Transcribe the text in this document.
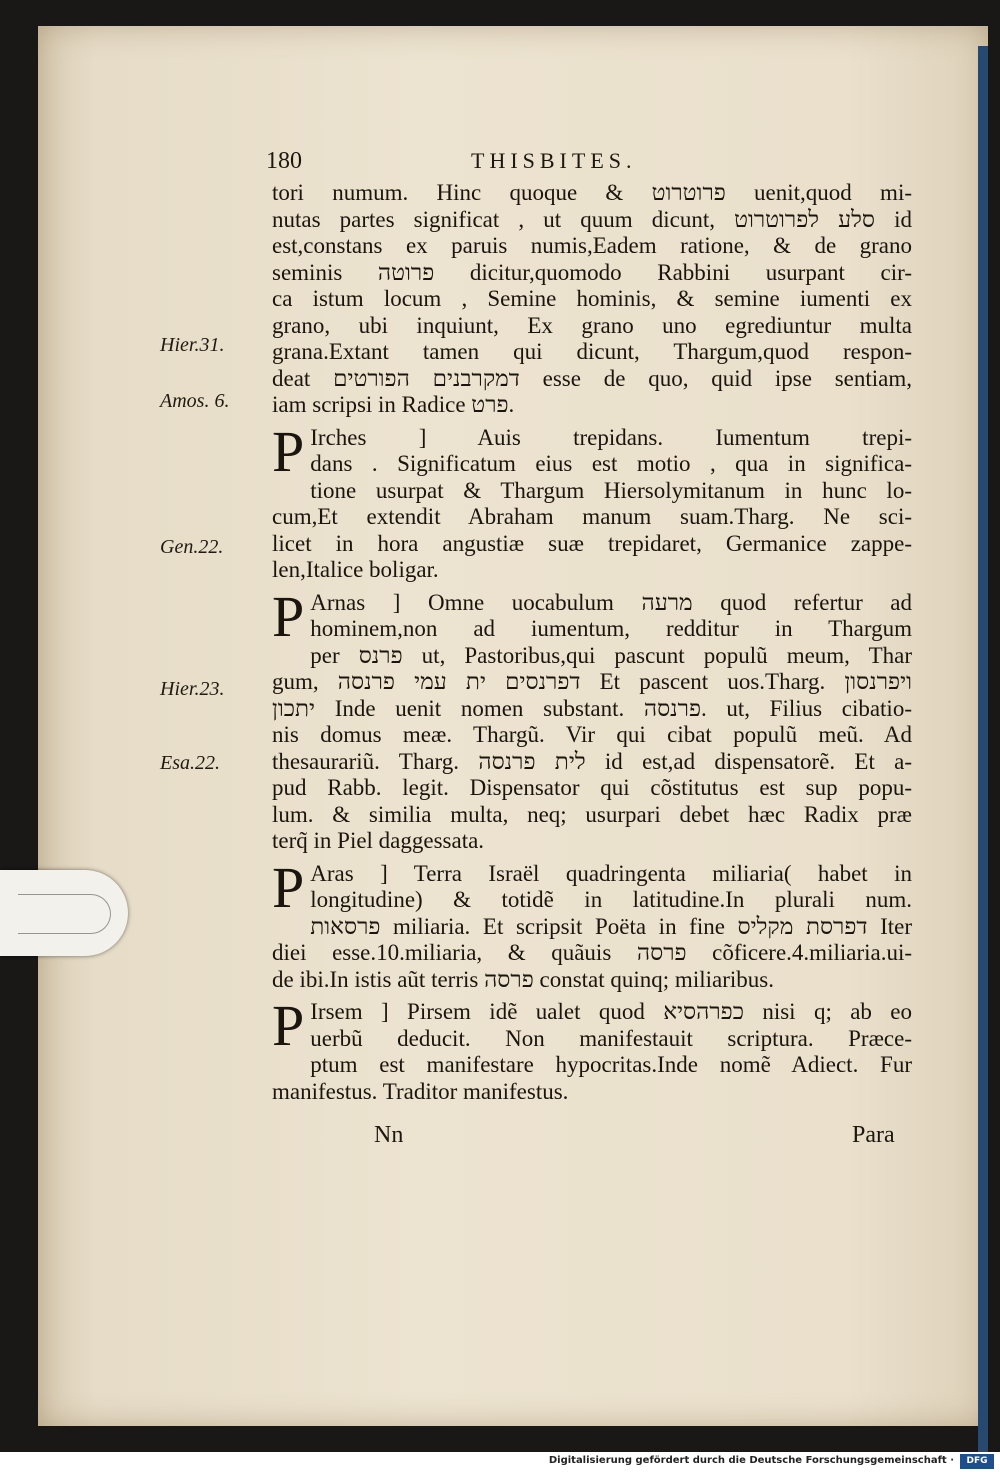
180	THISBITES.
Hier.31.
Amos. 6.
Gen.22.
Hier.23.
Esa.22.
tori numum. Hinc quoque & פרוטרוט uenit,quod mi-
nutas partes significat , ut quum dicunt, סלע לפרוטרוט id
est,constans ex paruis numis,Eadem ratione, & de grano
seminis פרוטה dicitur,quomodo Rabbini usurpant cir-
ca istum locum , Semine hominis, & semine iumenti ex
grano, ubi inquiunt, Ex grano uno egrediuntur multa
grana.Extant tamen qui dicunt, Thargum,quod respon-
deat דמקרבנים הפורטים esse de quo, quid ipse sentiam,
iam scripsi in Radice פרט.
P Irches ] Auis trepidans. Iumentum trepi-
dans . Significatum eius est motio , qua in significa-
tione usurpat & Thargum Hiersolymitanum in hunc lo-
cum,Et extendit Abraham manum suam.Tharg. Ne sci-
licet in hora angustiæ suæ trepidaret, Germanice zappe-
len,Italice boligar.
P Arnas ] Omne uocabulum מרעה quod refertur ad
hominem,non ad iumentum, redditur in Thargum
per פרנס ut, Pastoribus,qui pascunt populũ meum, Thar
gum, דפרנסים ית עמי פרנסה Et pascent uos.Tharg. ויפרנסון
יתכון Inde uenit nomen substant. פרנסה. ut, Filius cibatio-
nis domus meæ. Thargũ. Vir qui cibat populũ meũ. Ad
thesaurariũ. Tharg. לית פרנסה id est,ad dispensatorẽ. Et a-
pud Rabb. legit. Dispensator qui cõstitutus est sup popu-
lum. & similia multa, neq; usurpari debet hæc Radix præ
terq̃ in Piel daggessata.
P Aras ] Terra Israël quadringenta miliaria( habet in
longitudine) & totidẽ in latitudine.In plurali num.
פרסאות miliaria. Et scripsit Poëta in fine דפרסת מקליס Iter
diei esse.10.miliaria, & quãuis פרסה cõficere.4.miliaria.ui-
de ibi.In istis aũt terris פרסה constat quinq; miliaribus.
P Irsem ] Pirsem idẽ ualet quod כפרהסיא nisi q; ab eo
uerbũ deducit. Non manifestauit scriptura. Præce-
ptum est manifestare hypocritas.Inde nomẽ Adiect. Fur
manifestus. Traditor manifestus.
Nn	Para
Digitalisierung gefördert durch die Deutsche Forschungsgemeinschaft ·	DFG
